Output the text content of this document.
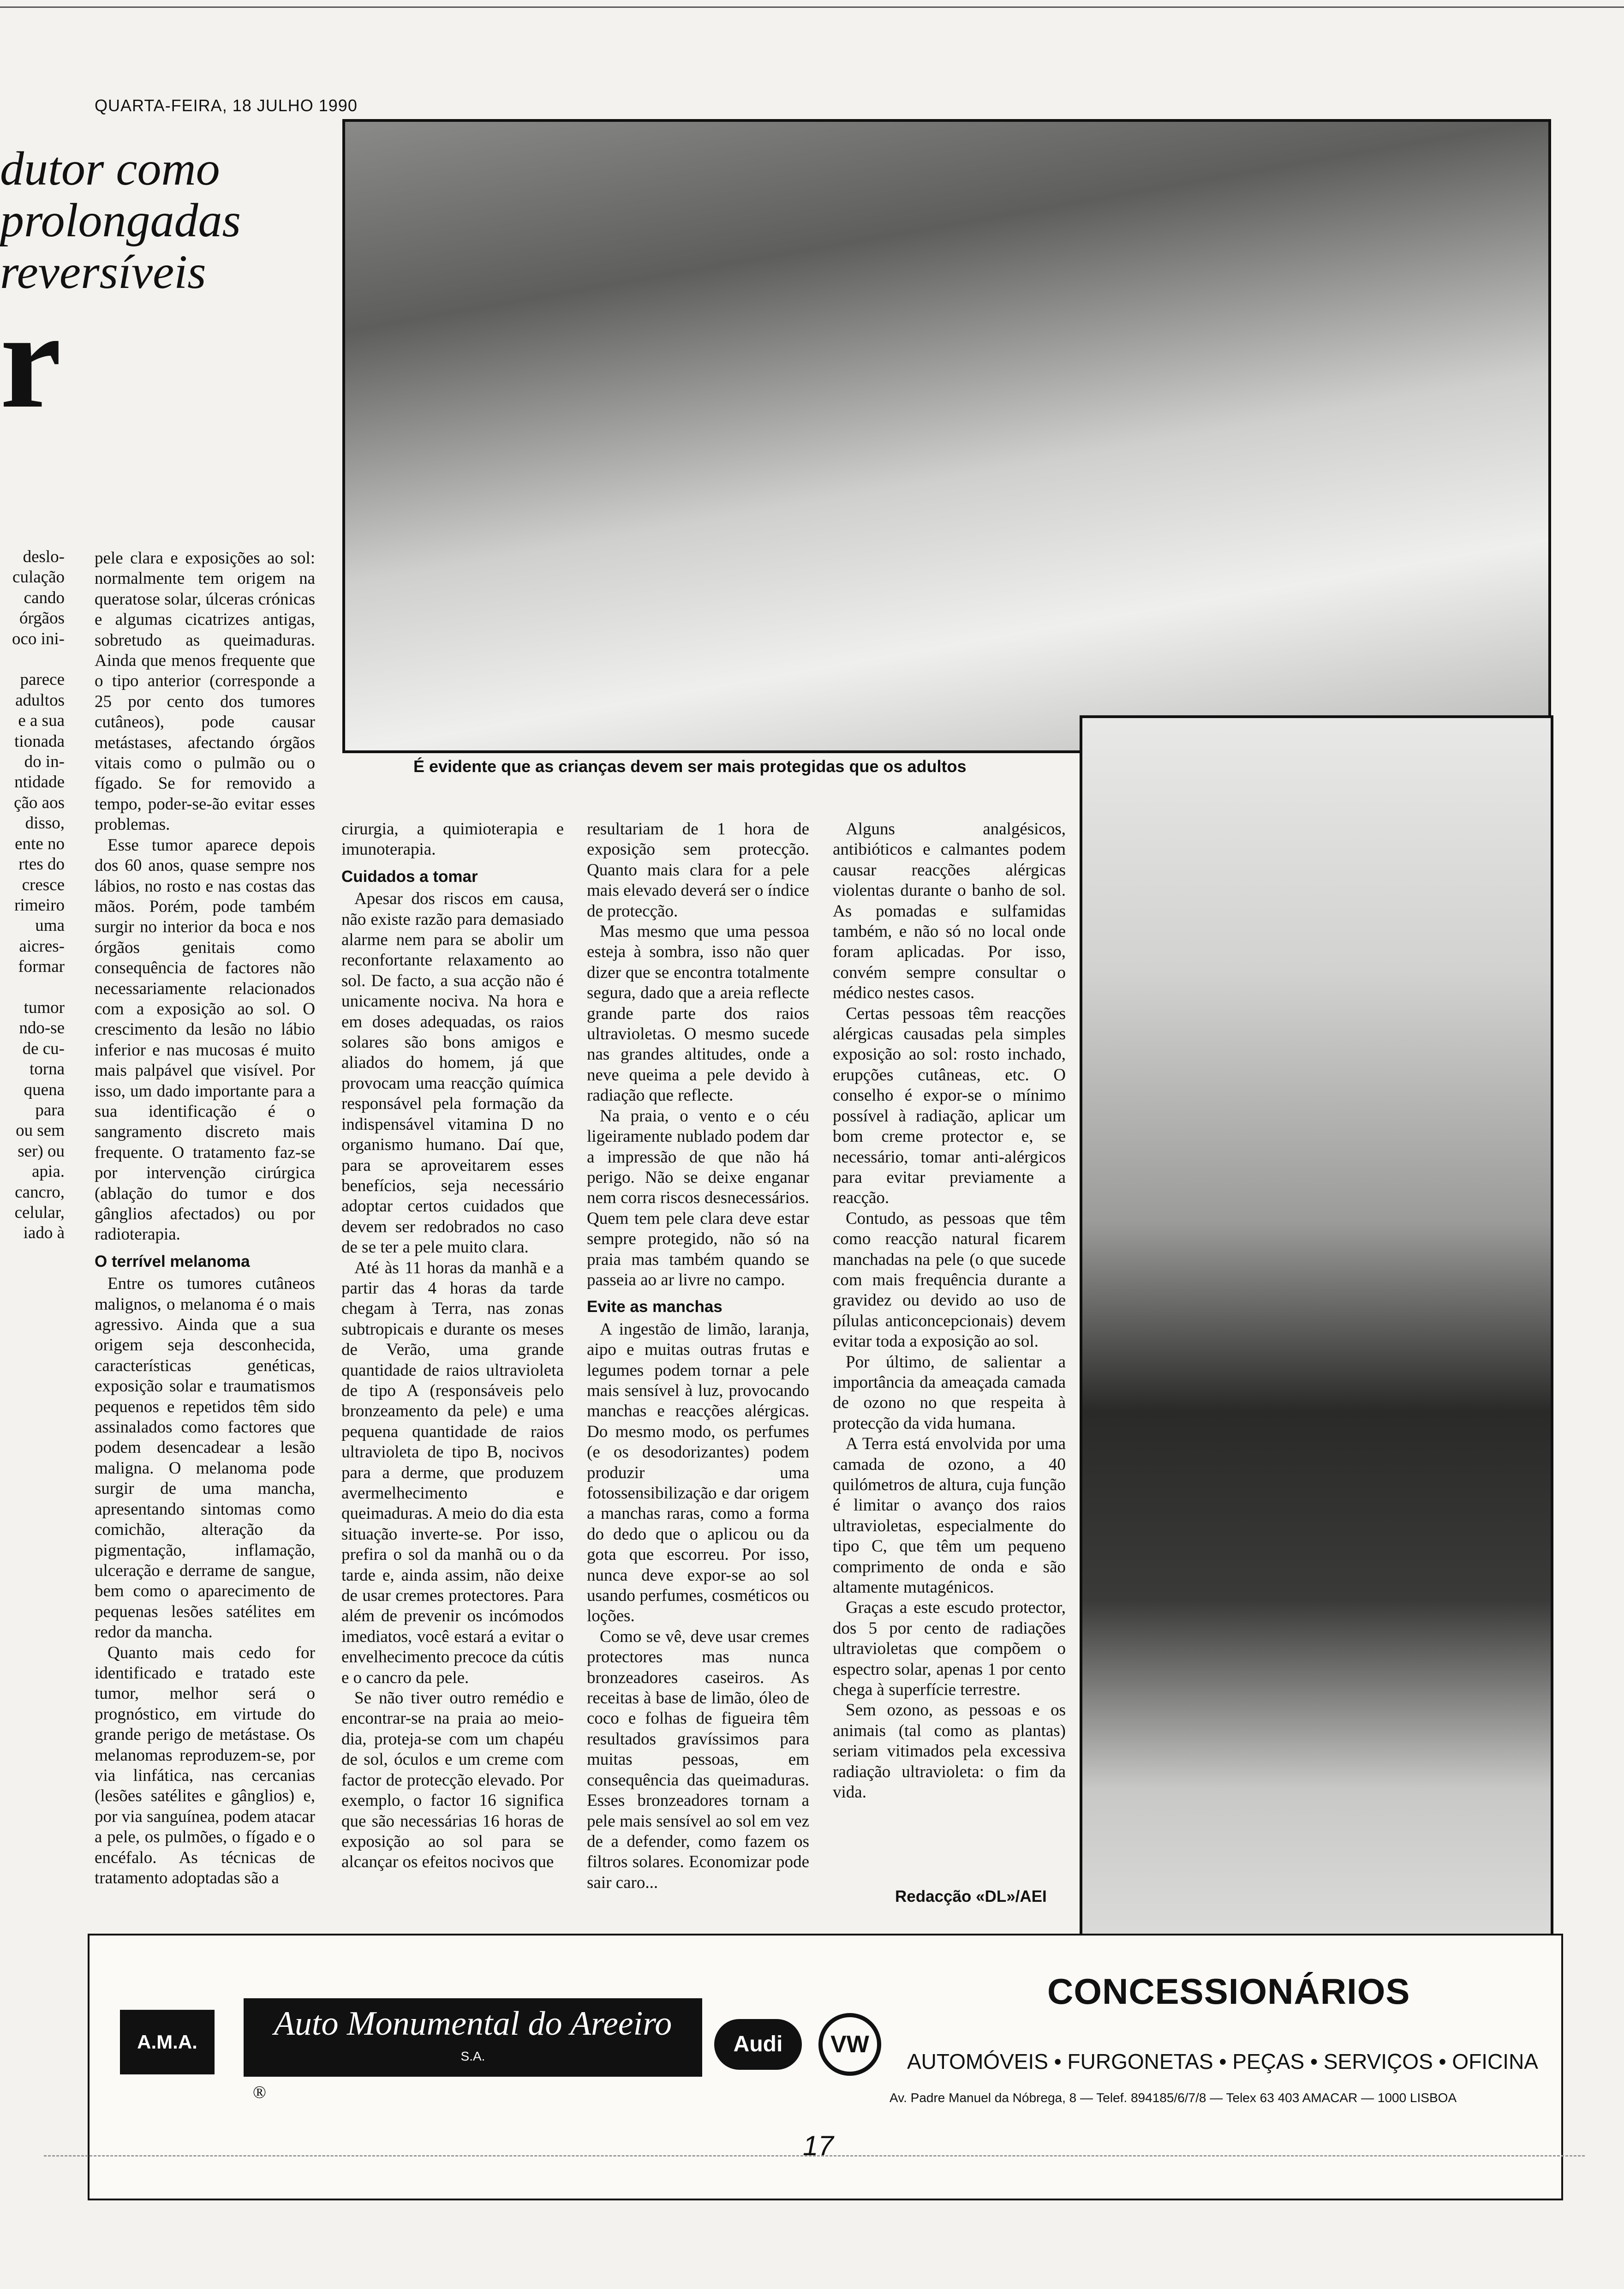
QUARTA-FEIRA, 18 JULHO 1990
dutor como
prolongadas
reversíveis
r
É evidente que as crianças devem ser mais protegidas que os adultos
deslo-
culação
cando
órgãos
oco ini-

parece
adultos
e a sua
tionada
do in-
ntidade
ção aos
disso,
ente no
rtes do
cresce
rimeiro
uma
aicres-
formar

tumor
ndo-se
de cu-
torna
quena
para
ou sem
ser) ou
apia.
cancro,
celular,
iado à

pele clara e exposições ao sol: normalmente tem origem na queratose solar, úlceras crónicas e algumas cicatrizes antigas, sobretudo as queimaduras. Ainda que menos frequente que o tipo anterior (corresponde a 25 por cento dos tumores cutâneos), pode causar metástases, afectando órgãos vitais como o pulmão ou o fígado. Se for removido a tempo, poder-se-ão evitar esses problemas.

Esse tumor aparece depois dos 60 anos, quase sempre nos lábios, no rosto e nas costas das mãos. Porém, pode também surgir no interior da boca e nos órgãos genitais como consequência de factores não necessariamente relacionados com a exposição ao sol. O crescimento da lesão no lábio inferior e nas mucosas é muito mais palpável que visível. Por isso, um dado importante para a sua identificação é o sangramento discreto mais frequente. O tratamento faz-se por intervenção cirúrgica (ablação do tumor e dos gânglios afectados) ou por radioterapia.

O terrível melanoma

Entre os tumores cutâneos malignos, o melanoma é o mais agressivo. Ainda que a sua origem seja desconhecida, características genéticas, exposição solar e traumatismos pequenos e repetidos têm sido assinalados como factores que podem desencadear a lesão maligna. O melanoma pode surgir de uma mancha, apresentando sintomas como comichão, alteração da pigmentação, inflamação, ulceração e derrame de sangue, bem como o aparecimento de pequenas lesões satélites em redor da mancha.

Quanto mais cedo for identificado e tratado este tumor, melhor será o prognóstico, em virtude do grande perigo de metástase. Os melanomas reproduzem-se, por via linfática, nas cercanias (lesões satélites e gânglios) e, por via sanguínea, podem atacar a pele, os pulmões, o fígado e o encéfalo. As técnicas de tratamento adoptadas são a

cirurgia, a quimioterapia e imunoterapia.

Cuidados a tomar

Apesar dos riscos em causa, não existe razão para demasiado alarme nem para se abolir um reconfortante relaxamento ao sol. De facto, a sua acção não é unicamente nociva. Na hora e em doses adequadas, os raios solares são bons amigos e aliados do homem, já que provocam uma reacção química responsável pela formação da indispensável vitamina D no organismo humano. Daí que, para se aproveitarem esses benefícios, seja necessário adoptar certos cuidados que devem ser redobrados no caso de se ter a pele muito clara.

Até às 11 horas da manhã e a partir das 4 horas da tarde chegam à Terra, nas zonas subtropicais e durante os meses de Verão, uma grande quantidade de raios ultravioleta de tipo A (responsáveis pelo bronzeamento da pele) e uma pequena quantidade de raios ultravioleta de tipo B, nocivos para a derme, que produzem avermelhecimento e queimaduras. A meio do dia esta situação inverte-se. Por isso, prefira o sol da manhã ou o da tarde e, ainda assim, não deixe de usar cremes protectores. Para além de prevenir os incómodos imediatos, você estará a evitar o envelhecimento precoce da cútis e o cancro da pele.

Se não tiver outro remédio e encontrar-se na praia ao meio-dia, proteja-se com um chapéu de sol, óculos e um creme com factor de protecção elevado. Por exemplo, o factor 16 significa que são necessárias 16 horas de exposição ao sol para se alcançar os efeitos nocivos que

resultariam de 1 hora de exposição sem protecção. Quanto mais clara for a pele mais elevado deverá ser o índice de protecção.

Mas mesmo que uma pessoa esteja à sombra, isso não quer dizer que se encontra totalmente segura, dado que a areia reflecte grande parte dos raios ultravioletas. O mesmo sucede nas grandes altitudes, onde a neve queima a pele devido à radiação que reflecte.

Na praia, o vento e o céu ligeiramente nublado podem dar a impressão de que não há perigo. Não se deixe enganar nem corra riscos desnecessários. Quem tem pele clara deve estar sempre protegido, não só na praia mas também quando se passeia ao ar livre no campo.

Evite as manchas

A ingestão de limão, laranja, aipo e muitas outras frutas e legumes podem tornar a pele mais sensível à luz, provocando manchas e reacções alérgicas. Do mesmo modo, os perfumes (e os desodorizantes) podem produzir uma fotossensibilização e dar origem a manchas raras, como a forma do dedo que o aplicou ou da gota que escorreu. Por isso, nunca deve expor-se ao sol usando perfumes, cosméticos ou loções.

Como se vê, deve usar cremes protectores mas nunca bronzeadores caseiros. As receitas à base de limão, óleo de coco e folhas de figueira têm resultados gravíssimos para muitas pessoas, em consequência das queimaduras. Esses bronzeadores tornam a pele mais sensível ao sol em vez de a defender, como fazem os filtros solares. Economizar pode sair caro...

Alguns analgésicos, antibióticos e calmantes podem causar reacções alérgicas violentas durante o banho de sol. As pomadas e sulfamidas também, e não só no local onde foram aplicadas. Por isso, convém sempre consultar o médico nestes casos.

Certas pessoas têm reacções alérgicas causadas pela simples exposição ao sol: rosto inchado, erupções cutâneas, etc. O conselho é expor-se o mínimo possível à radiação, aplicar um bom creme protector e, se necessário, tomar anti-alérgicos para evitar previamente a reacção.

Contudo, as pessoas que têm como reacção natural ficarem manchadas na pele (o que sucede com mais frequência durante a gravidez ou devido ao uso de pílulas anticoncepcionais) devem evitar toda a exposição ao sol.

Por último, de salientar a importância da ameaçada camada de ozono no que respeita à protecção da vida humana.

A Terra está envolvida por uma camada de ozono, a 40 quilómetros de altura, cuja função é limitar o avanço dos raios ultravioletas, especialmente do tipo C, que têm um pequeno comprimento de onda e são altamente mutagénicos.

Graças a este escudo protector, dos 5 por cento de radiações ultravioletas que compõem o espectro solar, apenas 1 por cento chega à superfície terrestre.

Sem ozono, as pessoas e os animais (tal como as plantas) seriam vitimados pela excessiva radiação ultravioleta: o fim da vida.

Redacção «DL»/AEI
A.M.A.	Auto Monumental do Areeiro
S.A.
®
Audi	VW
CONCESSIONÁRIOS
AUTOMÓVEIS • FURGONETAS • PEÇAS • SERVIÇOS • OFICINA
Av. Padre Manuel da Nóbrega, 8 — Telef. 894185/6/7/8 — Telex 63 403 AMACAR — 1000 LISBOA
17
